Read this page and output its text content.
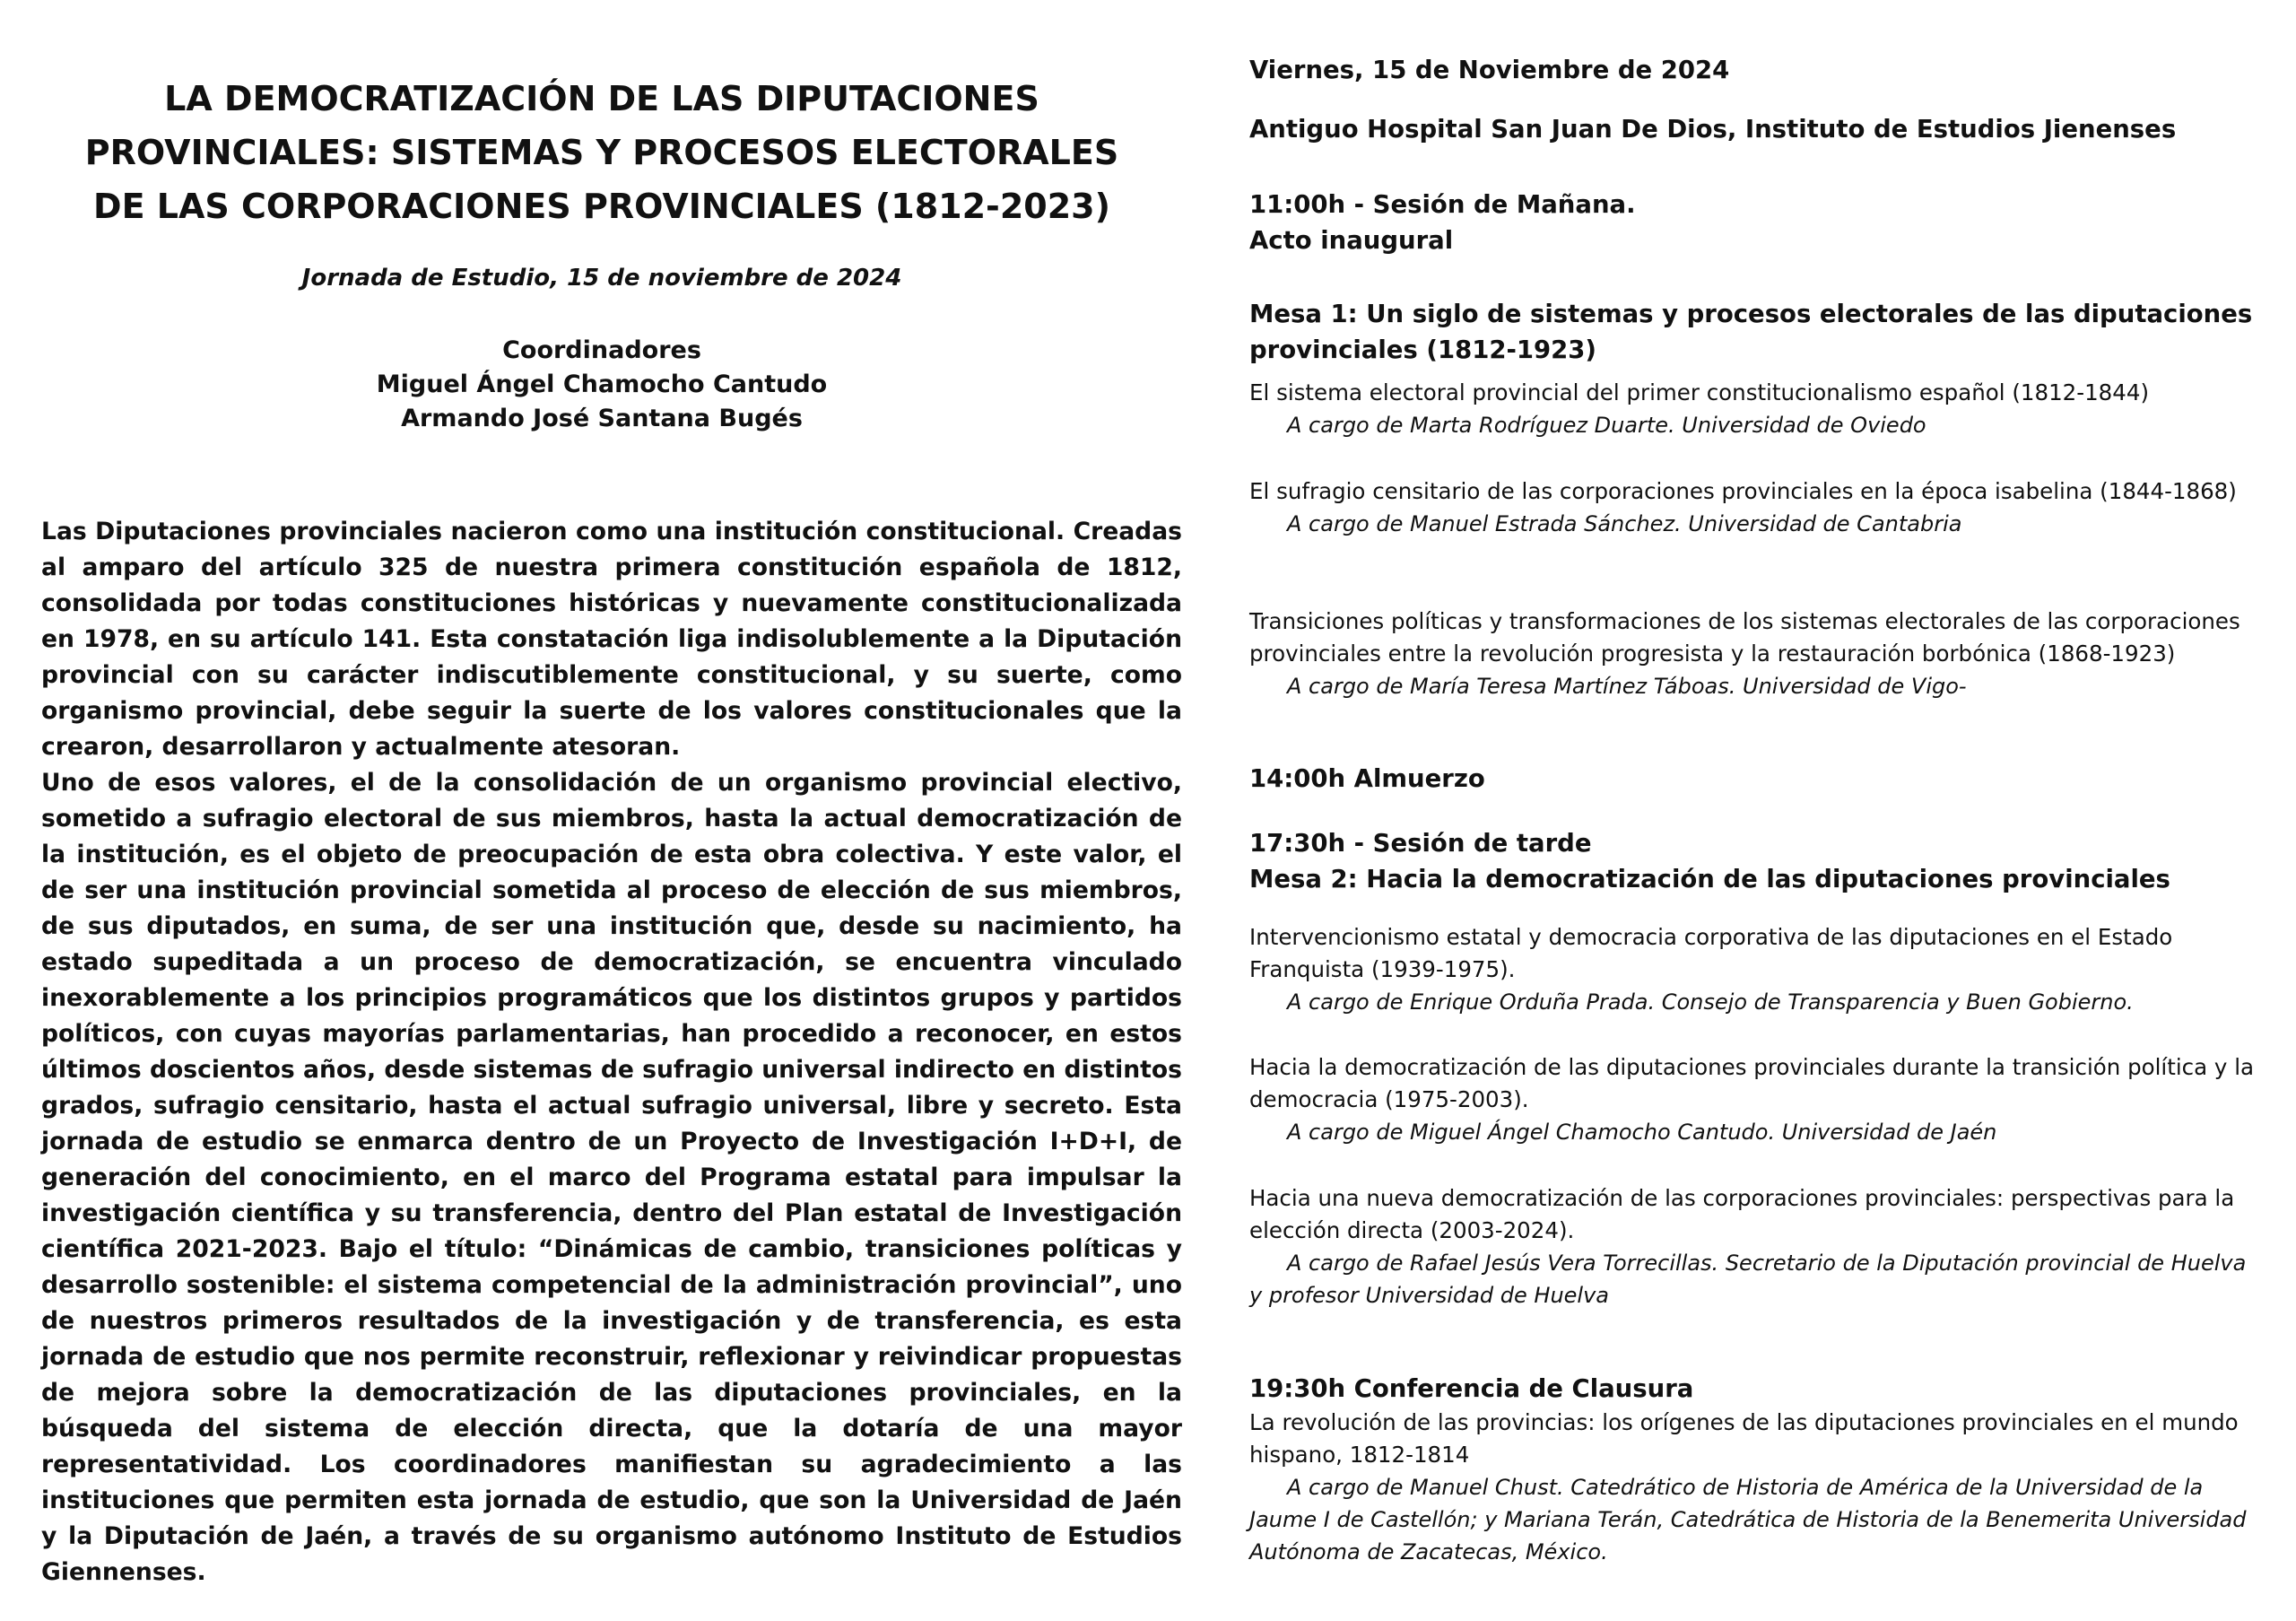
LA DEMOCRATIZACIÓN DE LAS DIPUTACIONES
PROVINCIALES: SISTEMAS Y PROCESOS ELECTORALES
DE LAS CORPORACIONES PROVINCIALES (1812-2023)

Jornada de Estudio, 15 de noviembre de 2024

Coordinadores
Miguel Ángel Chamocho Cantudo
Armando José Santana Bugés

Las Diputaciones provinciales nacieron como una institución constitucional. Creadas al amparo del artículo 325 de nuestra primera constitución española de 1812, consolidada por todas constituciones históricas y nuevamente constitucionalizada en 1978, en su artículo 141. Esta constatación liga indisolublemente a la Diputación provincial con su carácter indiscutiblemente constitucional, y su suerte, como organismo provincial, debe seguir la suerte de los valores constitucionales que la crearon, desarrollaron y actualmente atesoran.

Uno de esos valores, el de la consolidación de un organismo provincial electivo, sometido a sufragio electoral de sus miembros, hasta la actual democratización de la institución, es el objeto de preocupación de esta obra colectiva. Y este valor, el de ser una institución provincial sometida al proceso de elección de sus miembros, de sus diputados, en suma, de ser una institución que, desde su nacimiento, ha estado supeditada a un proceso de democratización, se encuentra vinculado inexorablemente a los principios programáticos que los distintos grupos y partidos políticos, con cuyas mayorías parlamentarias, han procedido a reconocer, en estos últimos doscientos años, desde sistemas de sufragio universal indirecto en distintos grados, sufragio censitario, hasta el actual sufragio universal, libre y secreto. Esta jornada de estudio se enmarca dentro de un Proyecto de Investigación I+D+I, de generación del conocimiento, en el marco del Programa estatal para impulsar la investigación científica y su transferencia, dentro del Plan estatal de Investigación científica 2021-2023. Bajo el título: “Dinámicas de cambio, transiciones políticas y desarrollo sostenible: el sistema competencial de la administración provincial”, uno de nuestros primeros resultados de la investigación y de transferencia, es esta jornada de estudio que nos permite reconstruir, reflexionar y reivindicar propuestas de mejora sobre la democratización de las diputaciones provinciales, en la búsqueda del sistema de elección directa, que la dotaría de una mayor representatividad. Los coordinadores manifiestan su agradecimiento a las instituciones que permiten esta jornada de estudio, que son la Universidad de Jaén y la Diputación de Jaén, a través de su organismo autónomo Instituto de Estudios Giennenses.

Viernes, 15 de Noviembre de 2024

Antiguo Hospital San Juan De Dios, Instituto de Estudios Jienenses

11:00h - Sesión de Mañana.

Acto inaugural

Mesa 1: Un siglo de sistemas y procesos electorales de las diputaciones provinciales (1812-1923)

El sistema electoral provincial del primer constitucionalismo español (1812-1844)

A cargo de Marta Rodríguez Duarte. Universidad de Oviedo

El sufragio censitario de las corporaciones provinciales en la época isabelina (1844-1868)

A cargo de Manuel Estrada Sánchez. Universidad de Cantabria

Transiciones políticas y transformaciones de los sistemas electorales de las corporaciones provinciales entre la revolución progresista y la restauración borbónica (1868-1923)

A cargo de María Teresa Martínez Táboas. Universidad de Vigo-

14:00h Almuerzo

17:30h - Sesión de tarde

Mesa 2: Hacia la democratización de las diputaciones provinciales

Intervencionismo estatal y democracia corporativa de las diputaciones en el Estado Franquista (1939-1975).

A cargo de Enrique Orduña Prada. Consejo de Transparencia y Buen Gobierno.

Hacia la democratización de las diputaciones provinciales durante la transición política y la democracia (1975-2003).

A cargo de Miguel Ángel Chamocho Cantudo. Universidad de Jaén

Hacia una nueva democratización de las corporaciones provinciales: perspectivas para la elección directa (2003-2024).

A cargo de Rafael Jesús Vera Torrecillas. Secretario de la Diputación provincial de Huelva y profesor Universidad de Huelva

19:30h Conferencia de Clausura

La revolución de las provincias: los orígenes de las diputaciones provinciales en el mundo hispano, 1812-1814

A cargo de Manuel Chust. Catedrático de Historia de América de la Universidad de la Jaume I de Castellón; y Mariana Terán, Catedrática de Historia de la Benemerita Universidad Autónoma de Zacatecas, México.
